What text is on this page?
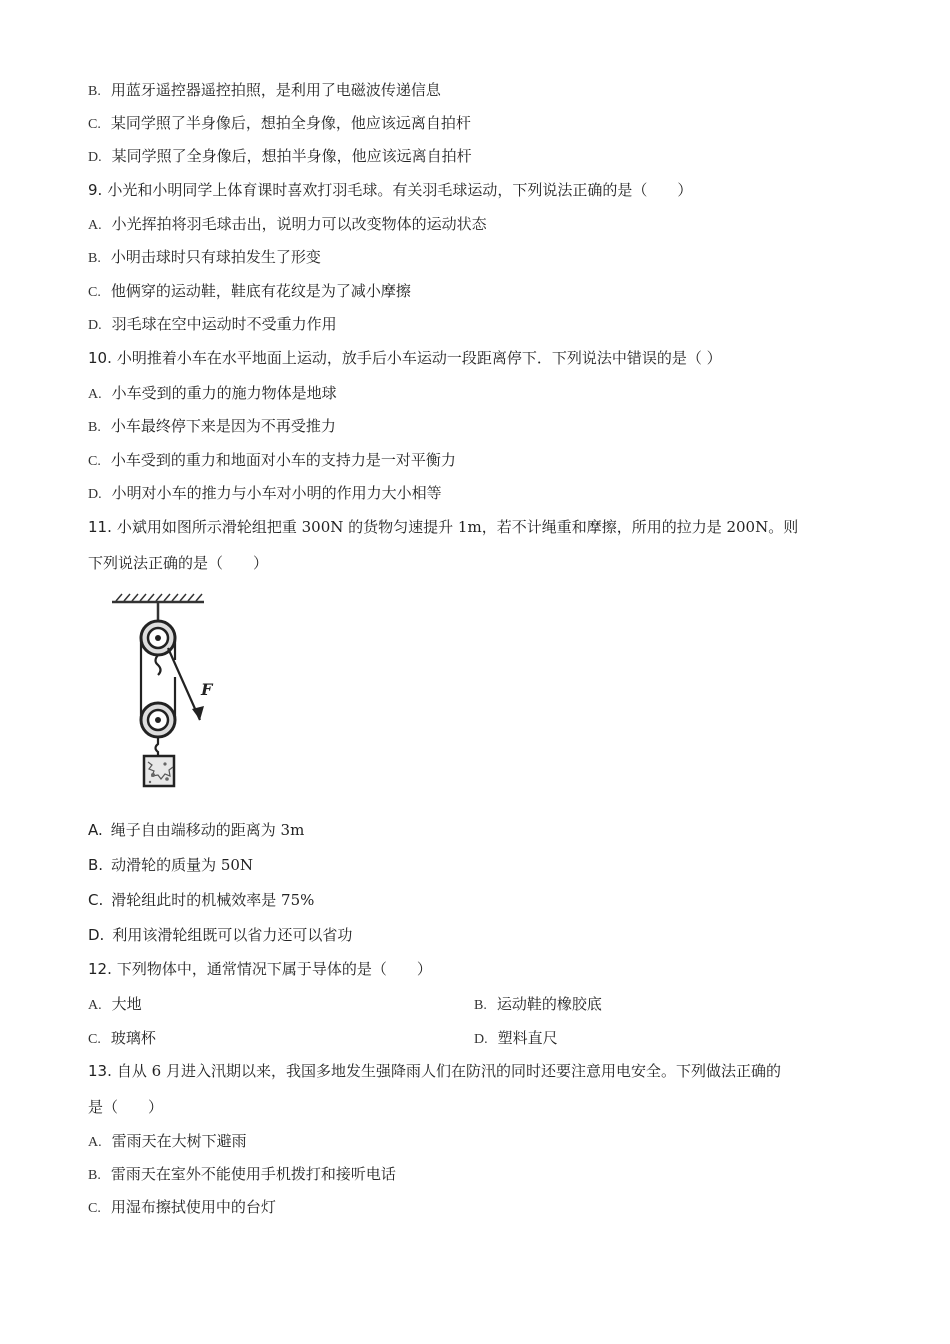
B. 用蓝牙遥控器遥控拍照，是利用了电磁波传递信息
C. 某同学照了半身像后，想拍全身像，他应该远离自拍杆
D. 某同学照了全身像后，想拍半身像，他应该远离自拍杆
9. 小光和小明同学上体育课时喜欢打羽毛球。有关羽毛球运动，下列说法正确的是（　　）
A. 小光挥拍将羽毛球击出，说明力可以改变物体的运动状态
B. 小明击球时只有球拍发生了形变
C. 他俩穿的运动鞋，鞋底有花纹是为了减小摩擦
D. 羽毛球在空中运动时不受重力作用
10. 小明推着小车在水平地面上运动，放手后小车运动一段距离停下．下列说法中错误的是（ ）
A. 小车受到的重力的施力物体是地球
B. 小车最终停下来是因为不再受推力
C. 小车受到的重力和地面对小车的支持力是一对平衡力
D. 小明对小车的推力与小车对小明的作用力大小相等
11. 小斌用如图所示滑轮组把重 300N 的货物匀速提升 1m，若不计绳重和摩擦，所用的拉力是 200N。则
下列说法正确的是（　　）
F
A. 绳子自由端移动的距离为 3m
B. 动滑轮的质量为 50N
C. 滑轮组此时的机械效率是 75%
D. 利用该滑轮组既可以省力还可以省功
12. 下列物体中，通常情况下属于导体的是（　　）
A. 大地	B. 运动鞋的橡胶底
C. 玻璃杯	D. 塑料直尺
13. 自从 6 月进入汛期以来，我国多地发生强降雨人们在防汛的同时还要注意用电安全。下列做法正确的
是（　　）
A. 雷雨天在大树下避雨
B. 雷雨天在室外不能使用手机拨打和接听电话
C. 用湿布擦拭使用中的台灯
